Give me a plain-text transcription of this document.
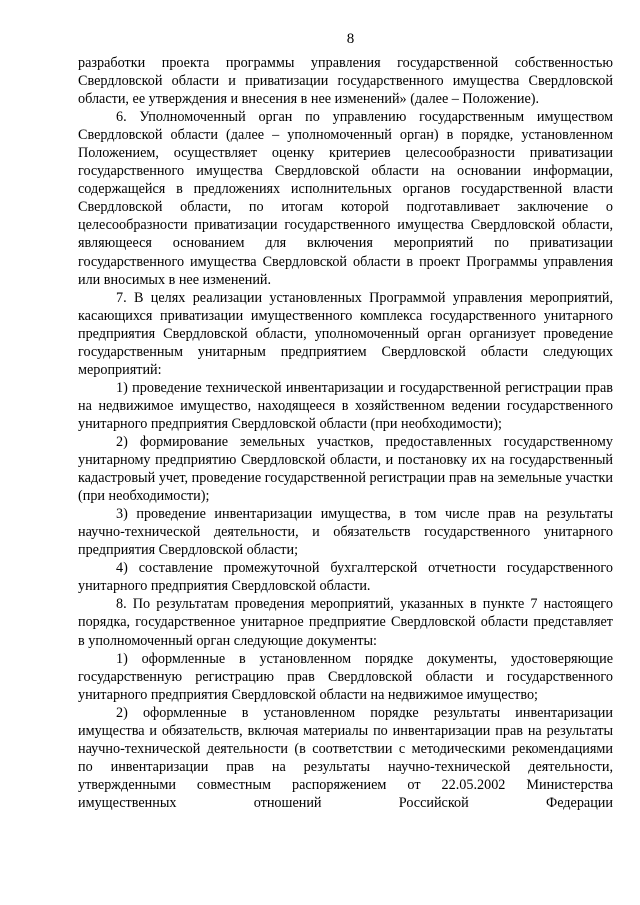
8

разработки проекта программы управления государственной собственностью Свердловской области и приватизации государственного имущества Свердловской области, ее утверждения и внесения в нее изменений» (далее – Положение).

6. Уполномоченный орган по управлению государственным имуществом Свердловской области (далее – уполномоченный орган) в порядке, установленном Положением, осуществляет оценку критериев целесообразности приватизации государственного имущества Свердловской области на основании информации, содержащейся в предложениях исполнительных органов государственной власти Свердловской области, по итогам которой подготавливает заключение о целесообразности приватизации государственного имущества Свердловской области, являющееся основанием для включения мероприятий по приватизации государственного имущества Свердловской области в проект Программы управления или вносимых в нее изменений.

7. В целях реализации установленных Программой управления мероприятий, касающихся приватизации имущественного комплекса государственного унитарного предприятия Свердловской области, уполномоченный орган организует проведение государственным унитарным предприятием Свердловской области следующих мероприятий:

1) проведение технической инвентаризации и государственной регистрации прав на недвижимое имущество, находящееся в хозяйственном ведении государственного унитарного предприятия Свердловской области (при необходимости);

2) формирование земельных участков, предоставленных государственному унитарному предприятию Свердловской области, и постановку их на государственный кадастровый учет, проведение государственной регистрации прав на земельные участки (при необходимости);

3) проведение инвентаризации имущества, в том числе прав на результаты научно-технической деятельности, и обязательств государственного унитарного предприятия Свердловской области;

4) составление промежуточной бухгалтерской отчетности государственного унитарного предприятия Свердловской области.

8. По результатам проведения мероприятий, указанных в пункте 7 настоящего порядка, государственное унитарное предприятие Свердловской области представляет в уполномоченный орган следующие документы:

1) оформленные в установленном порядке документы, удостоверяющие государственную регистрацию прав Свердловской области и государственного унитарного предприятия Свердловской области на недвижимое имущество;

2) оформленные в установленном порядке результаты инвентаризации имущества и обязательств, включая материалы по инвентаризации прав на результаты научно-технической деятельности (в соответствии с методическими рекомендациями по инвентаризации прав на результаты научно-технической деятельности, утвержденными совместным распоряжением от 22.05.2002 Министерства имущественных отношений Российской Федерации
